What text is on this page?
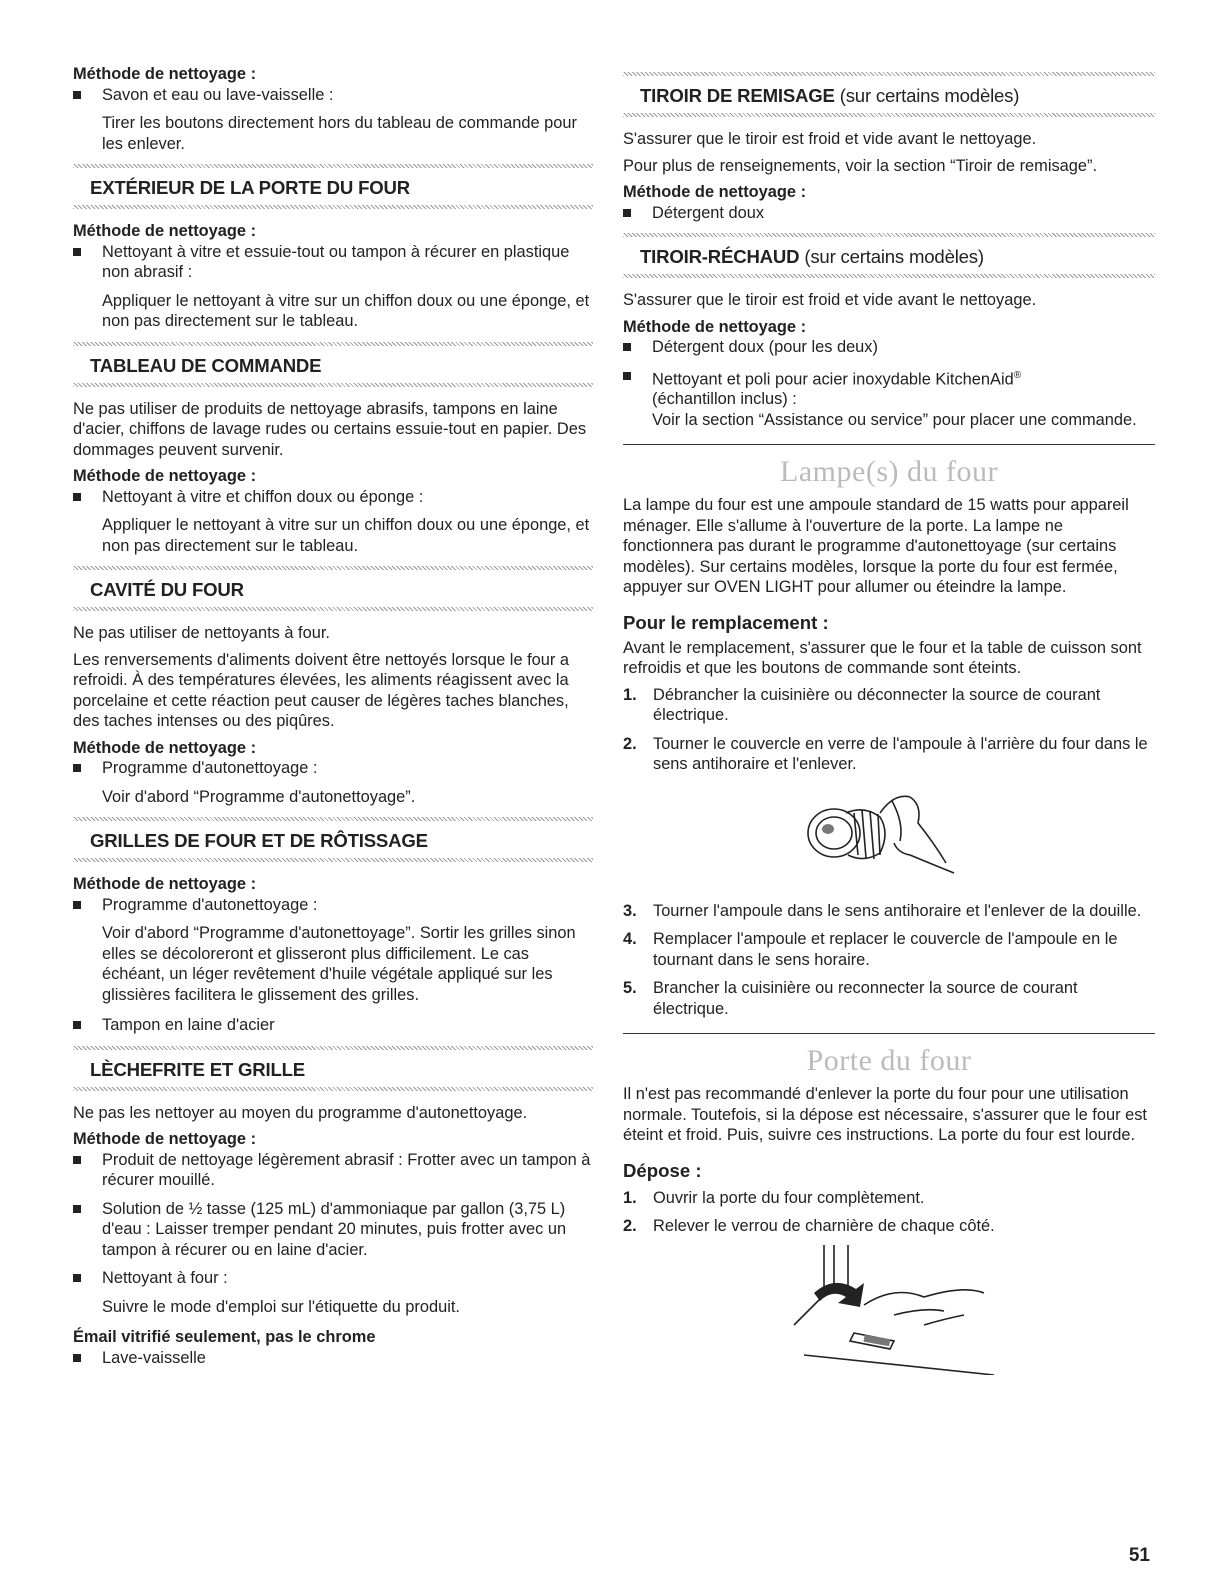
Méthode de nettoyage :

Savon et eau ou lave-vaisselle :

Tirer les boutons directement hors du tableau de commande pour les enlever.

EXTÉRIEUR DE LA PORTE DU FOUR

Méthode de nettoyage :

Nettoyant à vitre et essuie-tout ou tampon à récurer en plastique non abrasif :

Appliquer le nettoyant à vitre sur un chiffon doux ou une éponge, et non pas directement sur le tableau.

TABLEAU DE COMMANDE

Ne pas utiliser de produits de nettoyage abrasifs, tampons en laine d'acier, chiffons de lavage rudes ou certains essuie-tout en papier. Des dommages peuvent survenir.

Méthode de nettoyage :

Nettoyant à vitre et chiffon doux ou éponge :

Appliquer le nettoyant à vitre sur un chiffon doux ou une éponge, et non pas directement sur le tableau.

CAVITÉ DU FOUR

Ne pas utiliser de nettoyants à four.

Les renversements d'aliments doivent être nettoyés lorsque le four a refroidi. À des températures élevées, les aliments réagissent avec la porcelaine et cette réaction peut causer de légères taches blanches, des taches intenses ou des piqûres.

Méthode de nettoyage :

Programme d'autonettoyage :

Voir d'abord “Programme d'autonettoyage”.

GRILLES DE FOUR ET DE RÔTISSAGE

Méthode de nettoyage :

Programme d'autonettoyage :

Voir d'abord “Programme d'autonettoyage”. Sortir les grilles sinon elles se décoloreront et glisseront plus difficilement. Le cas échéant, un léger revêtement d'huile végétale appliqué sur les glissières facilitera le glissement des grilles.

Tampon en laine d'acier
LÈCHEFRITE ET GRILLE

Ne pas les nettoyer au moyen du programme d'autonettoyage.

Méthode de nettoyage :

Produit de nettoyage légèrement abrasif : Frotter avec un tampon à récurer mouillé.
Solution de ½ tasse (125 mL) d'ammoniaque par gallon (3,75 L) d'eau : Laisser tremper pendant 20 minutes, puis frotter avec un tampon à récurer ou en laine d'acier.
Nettoyant à four :

Suivre le mode d'emploi sur l'étiquette du produit.

Émail vitrifié seulement, pas le chrome

Lave-vaisselle
TIROIR DE REMISAGE (sur certains modèles)

S'assurer que le tiroir est froid et vide avant le nettoyage.

Pour plus de renseignements, voir la section “Tiroir de remisage”.

Méthode de nettoyage :

Détergent doux
TIROIR-RÉCHAUD (sur certains modèles)

S'assurer que le tiroir est froid et vide avant le nettoyage.

Méthode de nettoyage :

Détergent doux (pour les deux)
Nettoyant et poli pour acier inoxydable KitchenAid®
(échantillon inclus) :
Voir la section “Assistance ou service” pour placer une commande.
Lampe(s) du four

La lampe du four est une ampoule standard de 15 watts pour appareil ménager. Elle s'allume à l'ouverture de la porte. La lampe ne fonctionnera pas durant le programme d'autonettoyage (sur certains modèles). Sur certains modèles, lorsque la porte du four est fermée, appuyer sur OVEN LIGHT pour allumer ou éteindre la lampe.

Pour le remplacement :

Avant le remplacement, s'assurer que le four et la table de cuisson sont refroidis et que les boutons de commande sont éteints.

1. Débrancher la cuisinière ou déconnecter la source de courant électrique.
2. Tourner le couvercle en verre de l'ampoule à l'arrière du four dans le sens antihoraire et l'enlever.
3. Tourner l'ampoule dans le sens antihoraire et l'enlever de la douille.
4. Remplacer l'ampoule et replacer le couvercle de l'ampoule en le tournant dans le sens horaire.
5. Brancher la cuisinière ou reconnecter la source de courant électrique.
Porte du four

Il n'est pas recommandé d'enlever la porte du four pour une utilisation normale. Toutefois, si la dépose est nécessaire, s'assurer que le four est éteint et froid. Puis, suivre ces instructions. La porte du four est lourde.

Dépose :
1. Ouvrir la porte du four complètement.
2. Relever le verrou de charnière de chaque côté.
51
